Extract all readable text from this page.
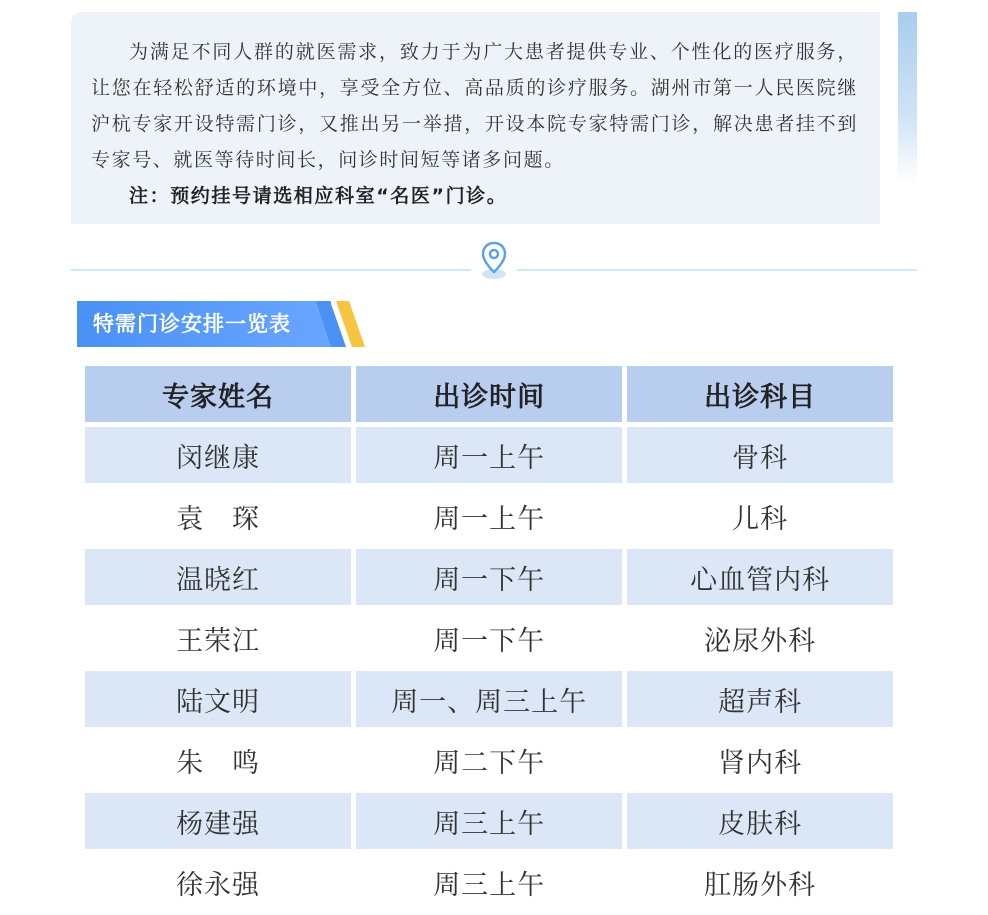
为满足不同人群的就医需求，致力于为广大患者提供专业、个性化的医疗服务，让您在轻松舒适的环境中，享受全方位、高品质的诊疗服务。湖州市第一人民医院继沪杭专家开设特需门诊，又推出另一举措，开设本院专家特需门诊，解决患者挂不到专家号、就医等待时间长，问诊时间短等诸多问题。

注：预约挂号请选相应科室“名医”门诊。

特需门诊安排一览表
专家姓名	出诊时间	出诊科目
闵继康	周一上午	骨科
袁　琛	周一上午	儿科
温晓红	周一下午	心血管内科
王荣江	周一下午	泌尿外科
陆文明	周一、周三上午	超声科
朱　鸣	周二下午	肾内科
杨建强	周三上午	皮肤科
徐永强	周三上午	肛肠外科
